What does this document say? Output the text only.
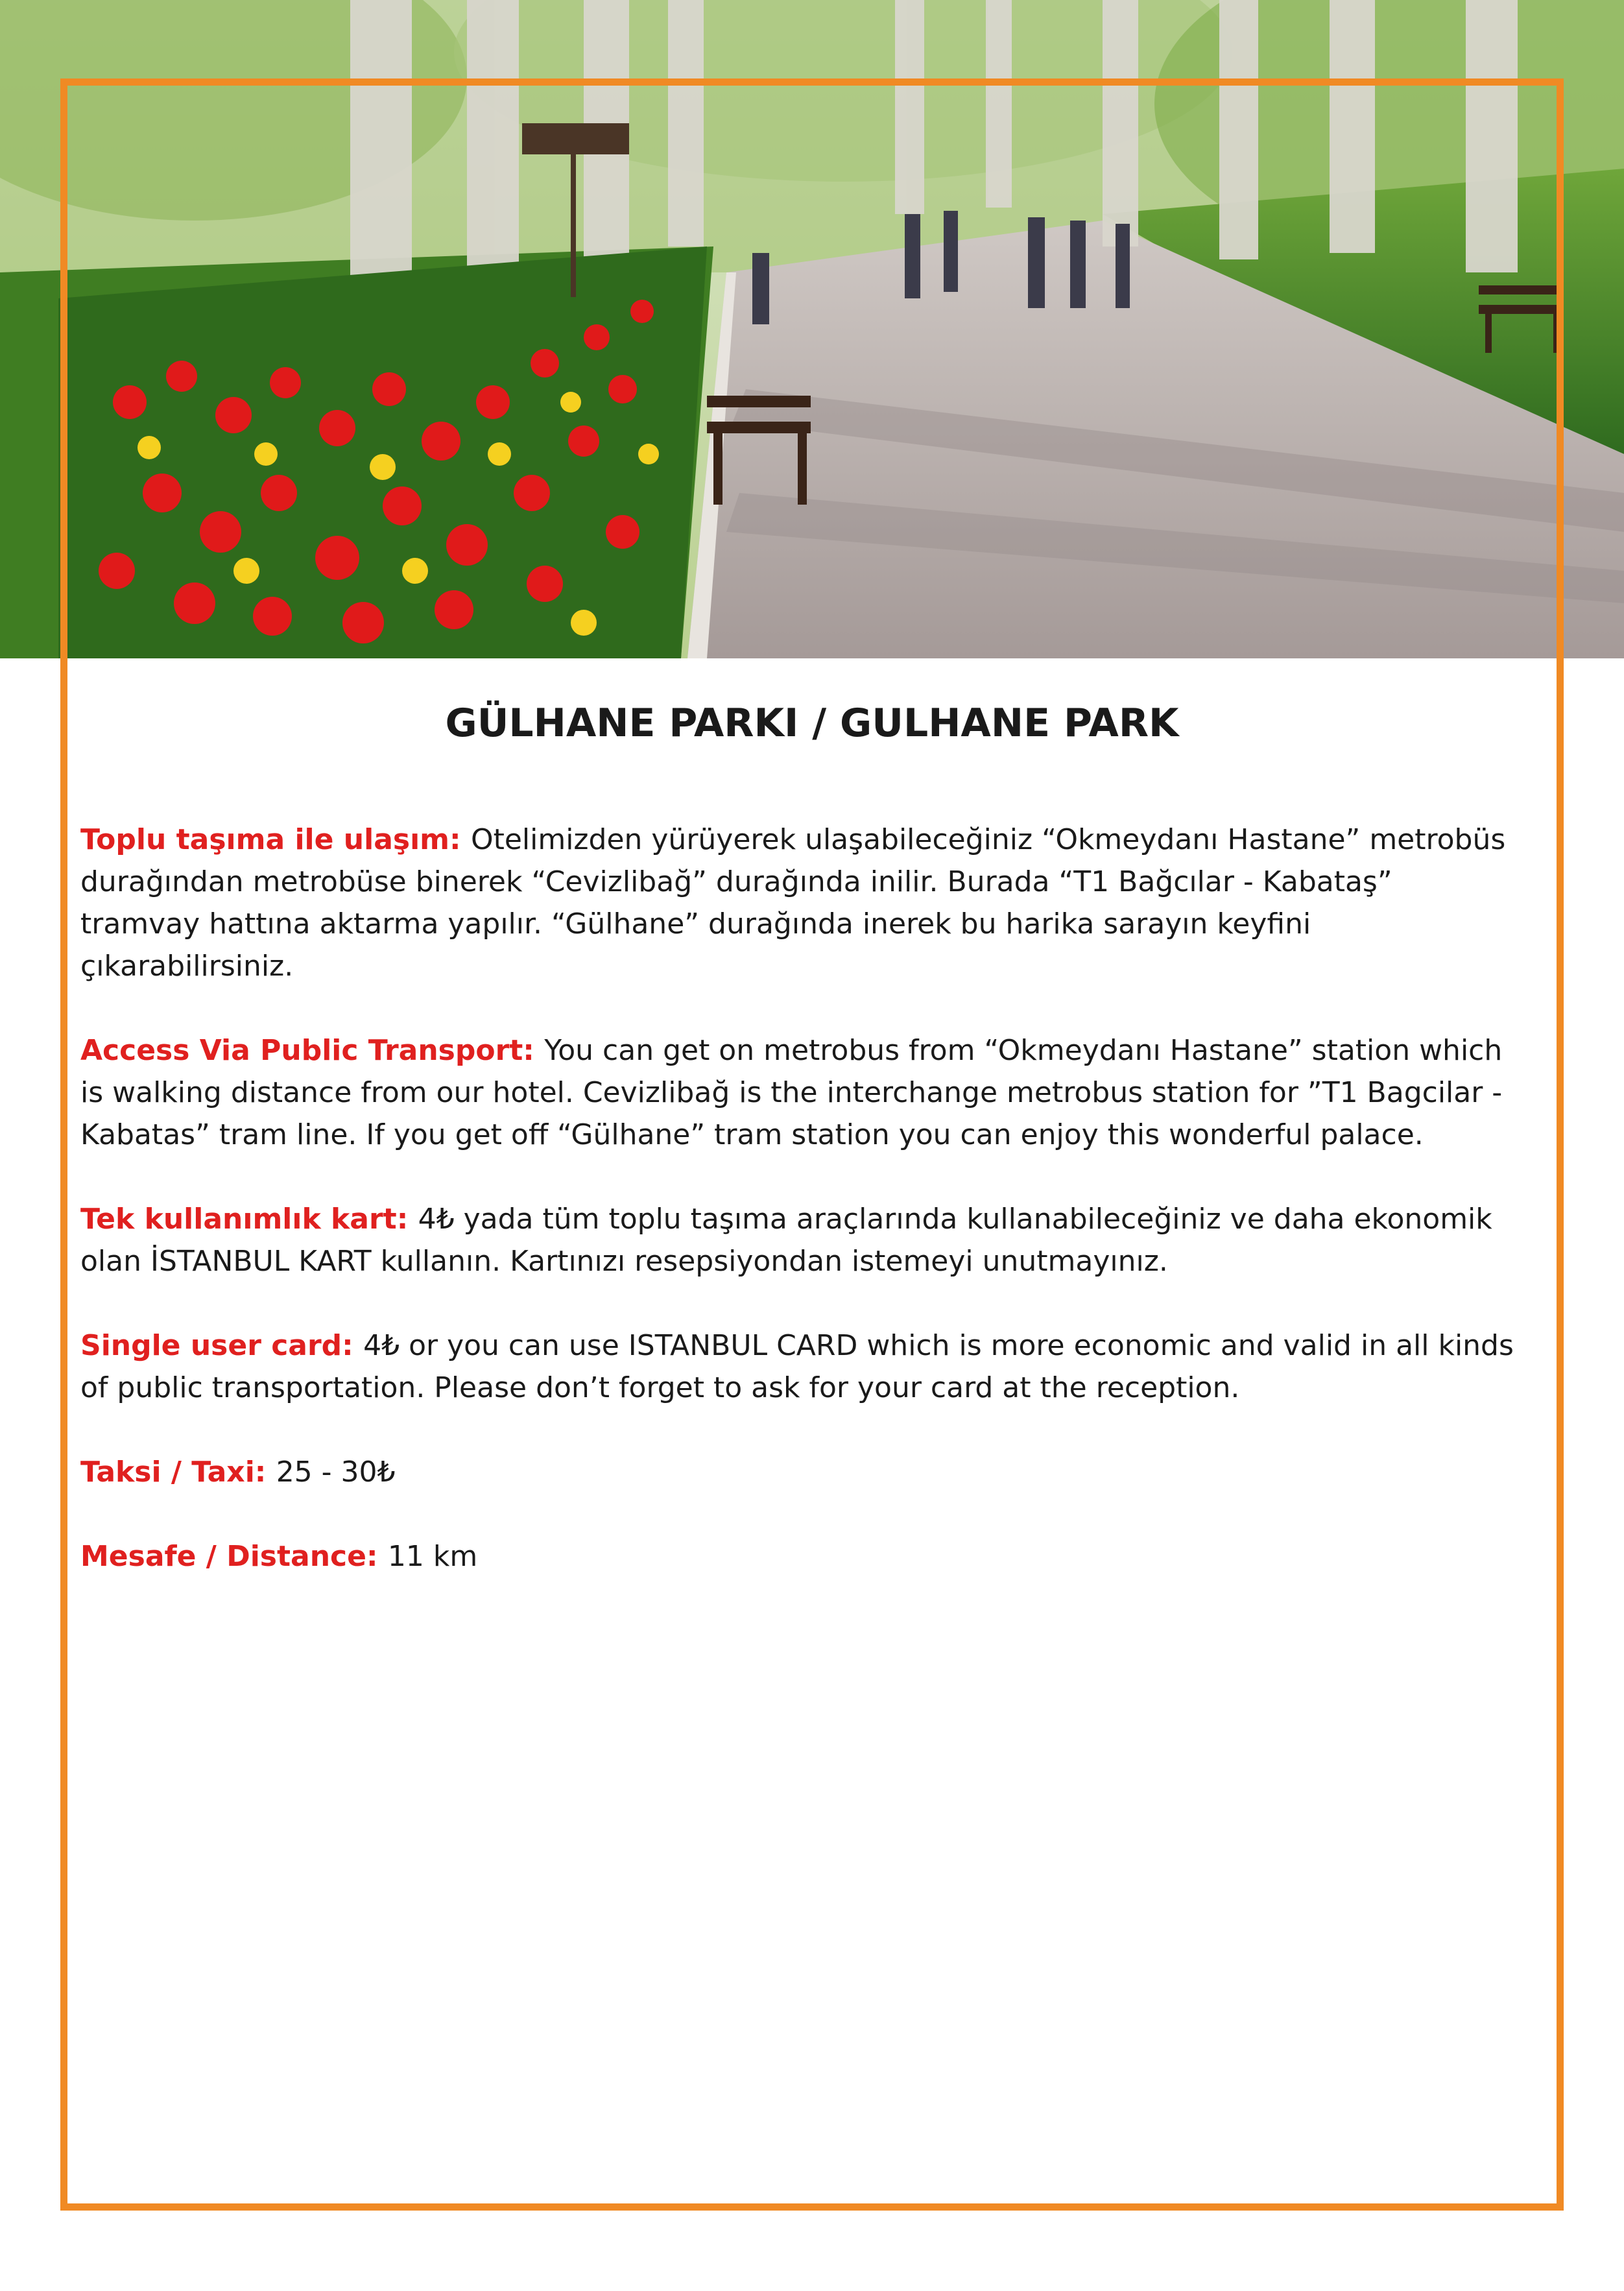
GÜLHANE PARKI / GULHANE PARK

Toplu taşıma ile ulaşım: Otelimizden yürüyerek ulaşabileceğiniz “Okmeydanı Hastane” metrobüs durağından metrobüse binerek “Cevizlibağ” durağında inilir. Burada “T1 Bağcılar - Kabataş” tramvay hattına aktarma yapılır. “Gülhane” durağında inerek bu harika sarayın keyfini çıkarabilirsiniz.

Access Via Public Transport: You can get on metrobus from “Okmeydanı Hastane” station which is walking distance from our hotel. Cevizlibağ is the interchange metrobus station for ”T1 Bagcilar - Kabatas” tram line. If you get off “Gülhane” tram station you can enjoy this wonderful palace.

Tek kullanımlık kart: 4₺ yada tüm toplu taşıma araçlarında kullanabileceğiniz ve daha ekonomik olan İSTANBUL KART kullanın. Kartınızı resepsiyondan istemeyi unutmayınız.

Single user card: 4₺ or you can use ISTANBUL CARD which is more economic and valid in all kinds of public transportation. Please don’t forget to ask for your card at the reception.

Taksi / Taxi: 25 - 30₺

Mesafe / Distance: 11 km
